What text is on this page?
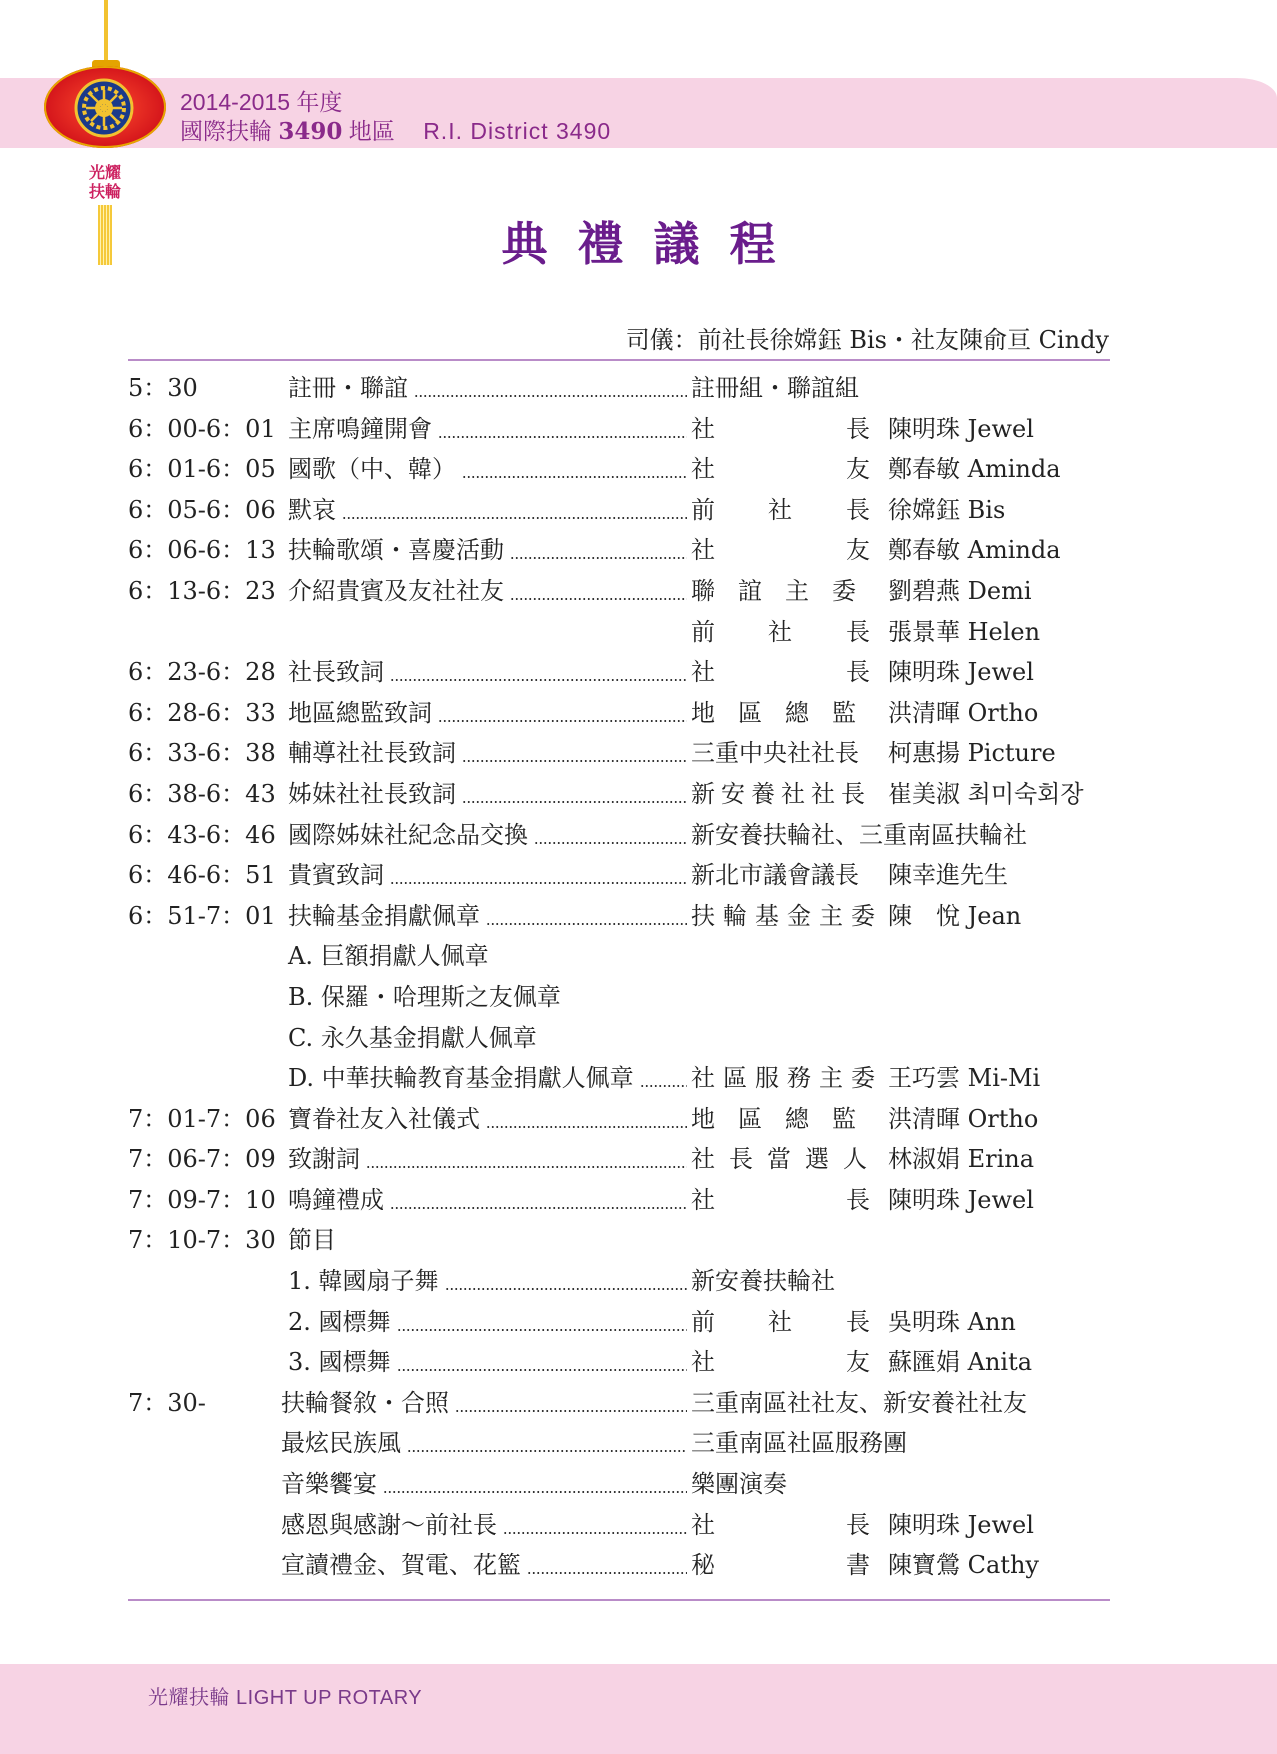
光耀
扶輪
2014-2015 年度
國際扶輪 3490 地區 R.I. District 3490
典禮議程
司儀：前社長徐嫦鈺 Bis・社友陳俞亘 Cindy
5：30	註冊・聯誼	註冊組・聯誼組
6：00-6：01 主席鳴鐘開會	社	長 陳明珠 Jewel
6：01-6：05 國歌（中、韓）	社	友 鄭春敏 Aminda
6：05-6：06 默哀	前 社 長 徐嫦鈺 Bis
6：06-6：13 扶輪歌頌・喜慶活動	社	友 鄭春敏 Aminda
6：13-6：23 介紹貴賓及友社社友	聯誼主委 劉碧燕 Demi
前 社 長 張景華 Helen
6：23-6：28 社長致詞	社	長 陳明珠 Jewel
6：28-6：33 地區總監致詞	地區總監 洪清暉 Ortho
6：33-6：38 輔導社社長致詞	三重中央社社長 柯惠揚 Picture
6：38-6：43 姊妹社社長致詞	新安養社社長 崔美淑 최미숙회장
6：43-6：46 國際姊妹社紀念品交換	新安養扶輪社、三重南區扶輪社
6：46-6：51 貴賓致詞	新北市議會議長 陳幸進先生
6：51-7：01 扶輪基金捐獻佩章	扶輪基金主委 陳　悅 Jean
A. 巨額捐獻人佩章
B. 保羅・哈理斯之友佩章
C. 永久基金捐獻人佩章
D. 中華扶輪教育基金捐獻人佩章 社區服務主委 王巧雲 Mi-Mi
7：01-7：06 寶眷社友入社儀式	地區總監 洪清暉 Ortho
7：06-7：09 致謝詞	社長當選人 林淑娟 Erina
7：09-7：10 鳴鐘禮成	社	長 陳明珠 Jewel
7：10-7：30 節目
1. 韓國扇子舞	新安養扶輪社
2. 國標舞	前 社 長 吳明珠 Ann
3. 國標舞	社	友 蘇匯娟 Anita
7：30-	扶輪餐敘・合照	三重南區社社友、新安養社社友
最炫民族風	三重南區社區服務團
音樂饗宴	樂團演奏
感恩與感謝～前社長	社	長 陳明珠 Jewel
宣讀禮金、賀電、花籃	秘	書 陳寶鶯 Cathy
光耀扶輪 LIGHT UP ROTARY
